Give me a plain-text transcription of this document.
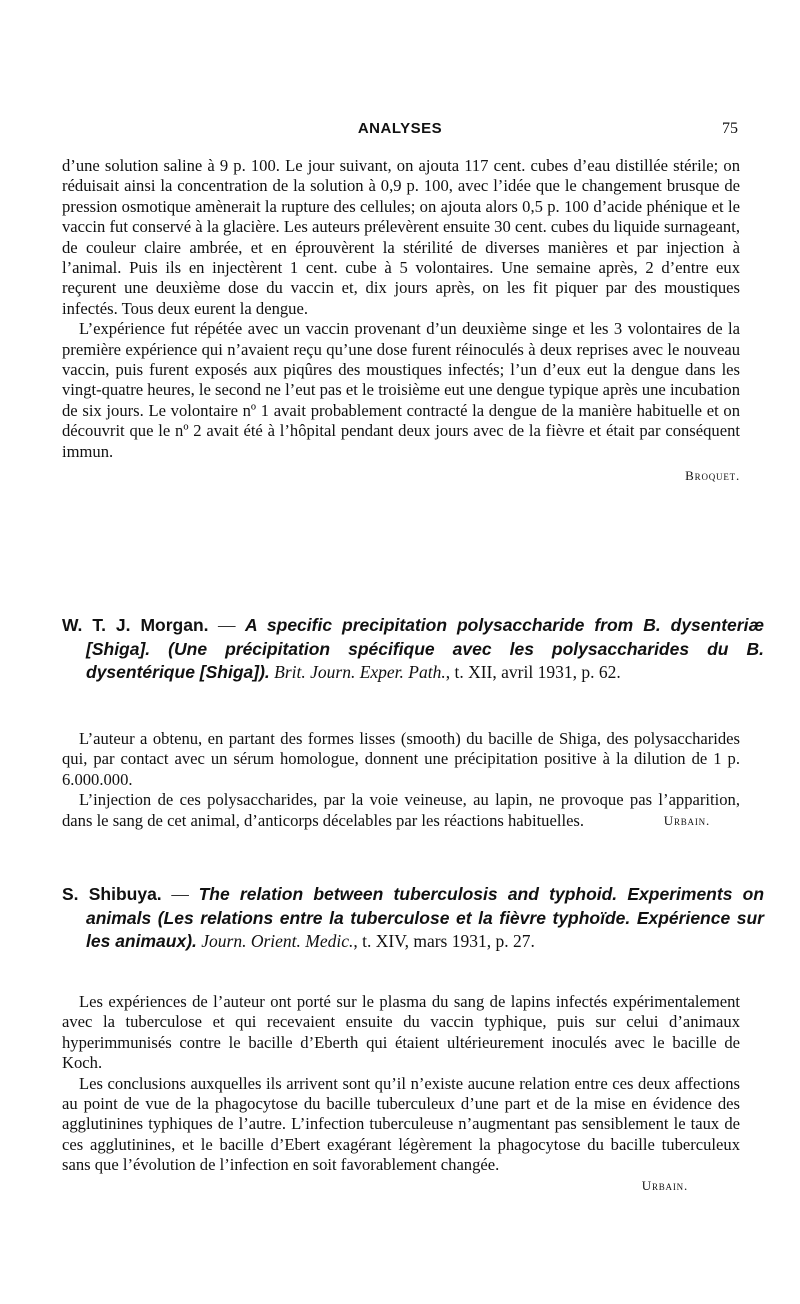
ANALYSES	75

d’une solution saline à 9 p. 100. Le jour suivant, on ajouta 117 cent. cubes d’eau distillée stérile; on réduisait ainsi la concentration de la solution à 0,9 p. 100, avec l’idée que le changement brusque de pression osmotique amènerait la rupture des cellules; on ajouta alors 0,5 p. 100 d’acide phénique et le vaccin fut conservé à la glacière. Les auteurs prélevèrent ensuite 30 cent. cubes du liquide surnageant, de couleur claire ambrée, et en éprouvèrent la stérilité de diverses manières et par injection à l’animal. Puis ils en injectèrent 1 cent. cube à 5 volontaires. Une semaine après, 2 d’entre eux reçurent une deuxième dose du vaccin et, dix jours après, on les fit piquer par des moustiques infectés. Tous deux eurent la dengue.

L’expérience fut répétée avec un vaccin provenant d’un deuxième singe et les 3 volontaires de la première expérience qui n’avaient reçu qu’une dose furent réinoculés à deux reprises avec le nouveau vaccin, puis furent exposés aux piqûres des moustiques infectés; l’un d’eux eut la dengue dans les vingt-quatre heures, le second ne l’eut pas et le troisième eut une dengue typique après une incubation de six jours. Le volontaire nº 1 avait probablement contracté la dengue de la manière habituelle et on découvrit que le nº 2 avait été à l’hôpital pendant deux jours avec de la fièvre et était par conséquent immun.

Broquet.

W. T. J. Morgan. — A specific precipitation polysaccharide from B. dysenteriæ [Shiga]. (Une précipitation spécifique avec les polysaccharides du B. dysentérique [Shiga]). Brit. Journ. Exper. Path., t. XII, avril 1931, p. 62.

L’auteur a obtenu, en partant des formes lisses (smooth) du bacille de Shiga, des polysaccharides qui, par contact avec un sérum homologue, donnent une précipitation positive à la dilution de 1 p. 6.000.000.

L’injection de ces polysaccharides, par la voie veineuse, au lapin, ne provoque pas l’apparition, dans le sang de cet animal, d’anticorps décelables par les réactions habituelles.	Urbain.

S. Shibuya. — The relation between tuberculosis and typhoid. Experiments on animals (Les relations entre la tuberculose et la fièvre typhoïde. Expérience sur les animaux). Journ. Orient. Medic., t. XIV, mars 1931, p. 27.

Les expériences de l’auteur ont porté sur le plasma du sang de lapins infectés expérimentalement avec la tuberculose et qui recevaient ensuite du vaccin typhique, puis sur celui d’animaux hyperimmunisés contre le bacille d’Eberth qui étaient ultérieurement inoculés avec le bacille de Koch.

Les conclusions auxquelles ils arrivent sont qu’il n’existe aucune relation entre ces deux affections au point de vue de la phagocytose du bacille tuberculeux d’une part et de la mise en évidence des agglutinines typhiques de l’autre. L’infection tuberculeuse n’augmentant pas sensiblement le taux de ces agglutinines, et le bacille d’Ebert exagérant légèrement la phagocytose du bacille tuberculeux sans que l’évolution de l’infection en soit favorablement changée.

Urbain.
